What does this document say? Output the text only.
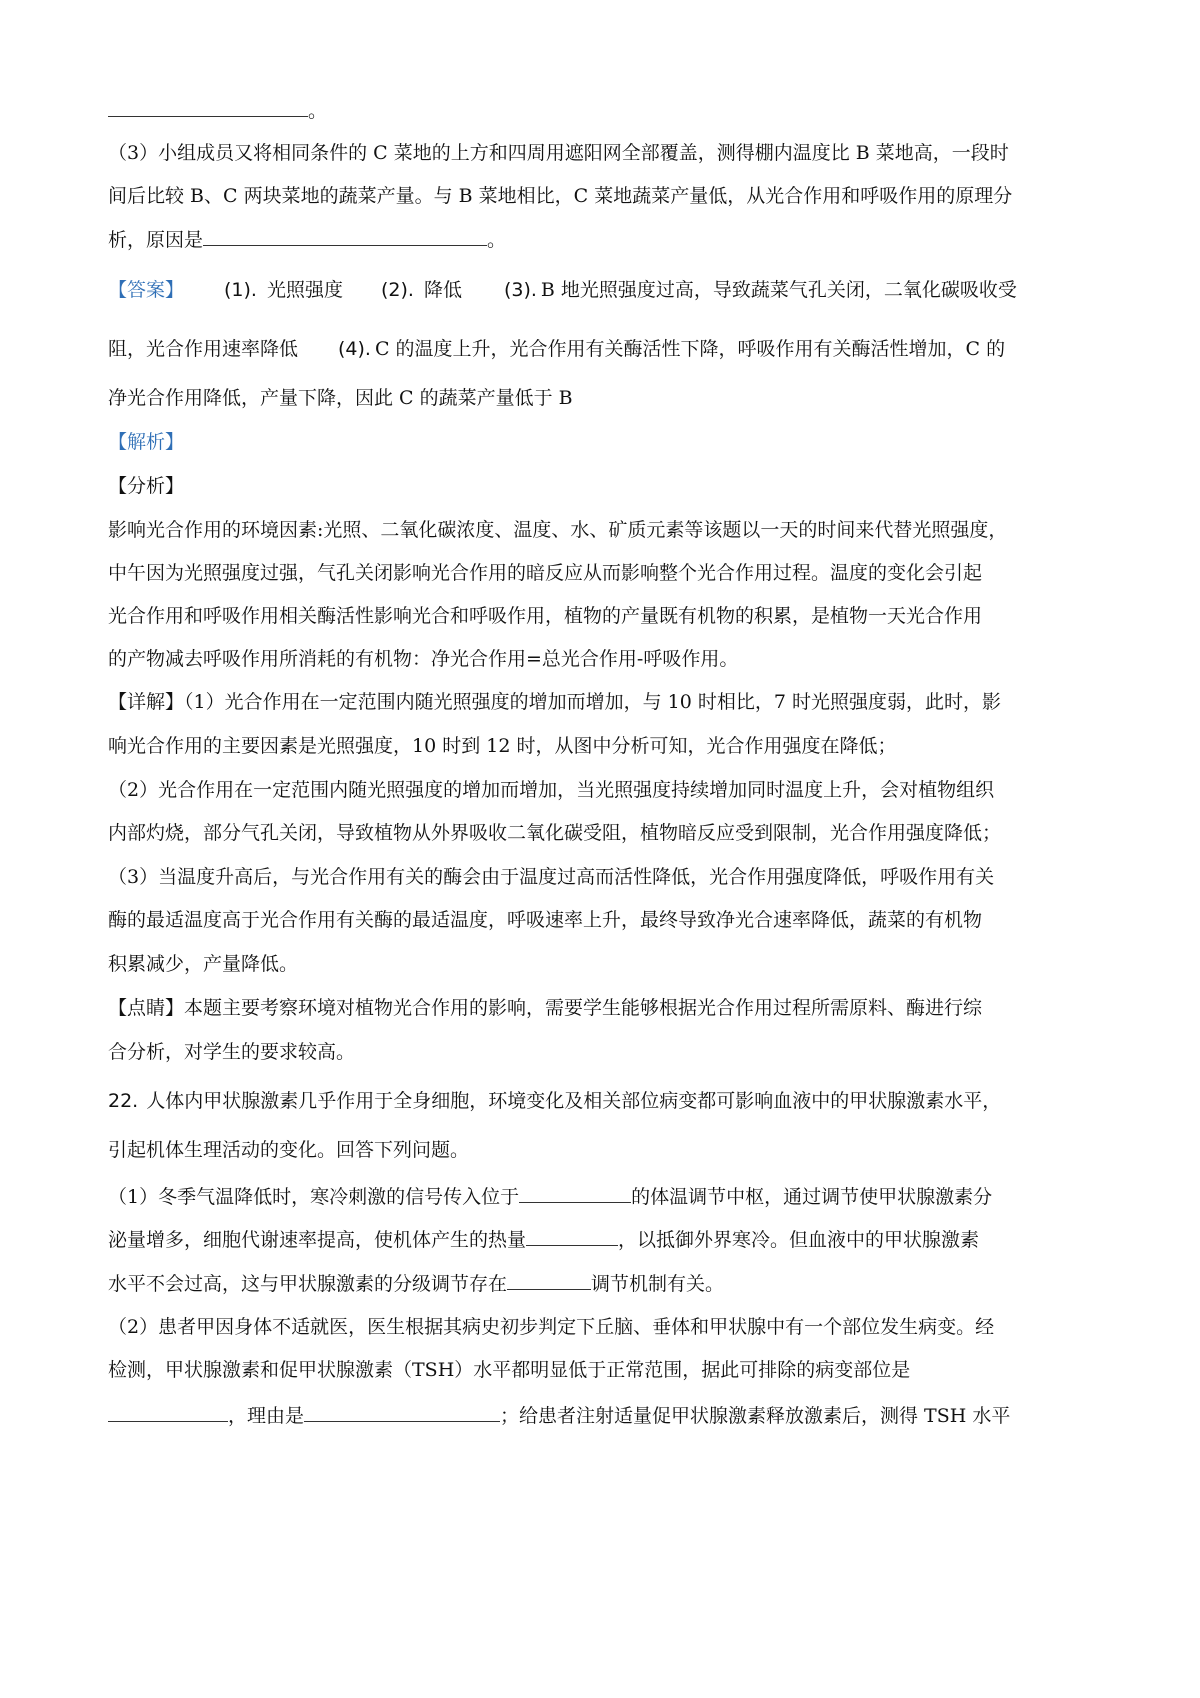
。
（3）小组成员又将相同条件的 C 菜地的上方和四周用遮阳网全部覆盖，测得棚内温度比 B 菜地高，一段时
间后比较 B、C 两块菜地的蔬菜产量。与 B 菜地相比，C 菜地蔬菜产量低，从光合作用和呼吸作用的原理分
析，原因是	。
【答案】 (1). 光照强度 (2). 降低 (3). B 地光照强度过高，导致蔬菜气孔关闭，二氧化碳吸收受
阻，光合作用速率降低 (4). C 的温度上升，光合作用有关酶活性下降，呼吸作用有关酶活性增加，C 的
净光合作用降低，产量下降，因此 C 的蔬菜产量低于 B
【解析】
【分析】
影响光合作用的环境因素:光照、二氧化碳浓度、温度、水、矿质元素等该题以一天的时间来代替光照强度，
中午因为光照强度过强，气孔关闭影响光合作用的暗反应从而影响整个光合作用过程。温度的变化会引起
光合作用和呼吸作用相关酶活性影响光合和呼吸作用，植物的产量既有机物的积累，是植物一天光合作用
的产物减去呼吸作用所消耗的有机物：净光合作用=总光合作用-呼吸作用。
【详解】（1）光合作用在一定范围内随光照强度的增加而增加，与 10 时相比，7 时光照强度弱，此时，影
响光合作用的主要因素是光照强度，10 时到 12 时，从图中分析可知，光合作用强度在降低；
（2）光合作用在一定范围内随光照强度的增加而增加，当光照强度持续增加同时温度上升，会对植物组织
内部灼烧，部分气孔关闭，导致植物从外界吸收二氧化碳受阻，植物暗反应受到限制，光合作用强度降低；
（3）当温度升高后，与光合作用有关的酶会由于温度过高而活性降低，光合作用强度降低，呼吸作用有关
酶的最适温度高于光合作用有关酶的最适温度，呼吸速率上升，最终导致净光合速率降低，蔬菜的有机物
积累减少，产量降低。
【点睛】本题主要考察环境对植物光合作用的影响，需要学生能够根据光合作用过程所需原料、酶进行综
合分析，对学生的要求较高。
22. 人体内甲状腺激素几乎作用于全身细胞，环境变化及相关部位病变都可影响血液中的甲状腺激素水平，
引起机体生理活动的变化。回答下列问题。
（1）冬季气温降低时，寒冷刺激的信号传入位于	的体温调节中枢，通过调节使甲状腺激素分
泌量增多，细胞代谢速率提高，使机体产生的热量	，以抵御外界寒冷。但血液中的甲状腺激素
水平不会过高，这与甲状腺激素的分级调节存在	调节机制有关。
（2）患者甲因身体不适就医，医生根据其病史初步判定下丘脑、垂体和甲状腺中有一个部位发生病变。经
检测，甲状腺激素和促甲状腺激素（TSH）水平都明显低于正常范围，据此可排除的病变部位是
，理由是	；给患者注射适量促甲状腺激素释放激素后，测得 TSH 水平
